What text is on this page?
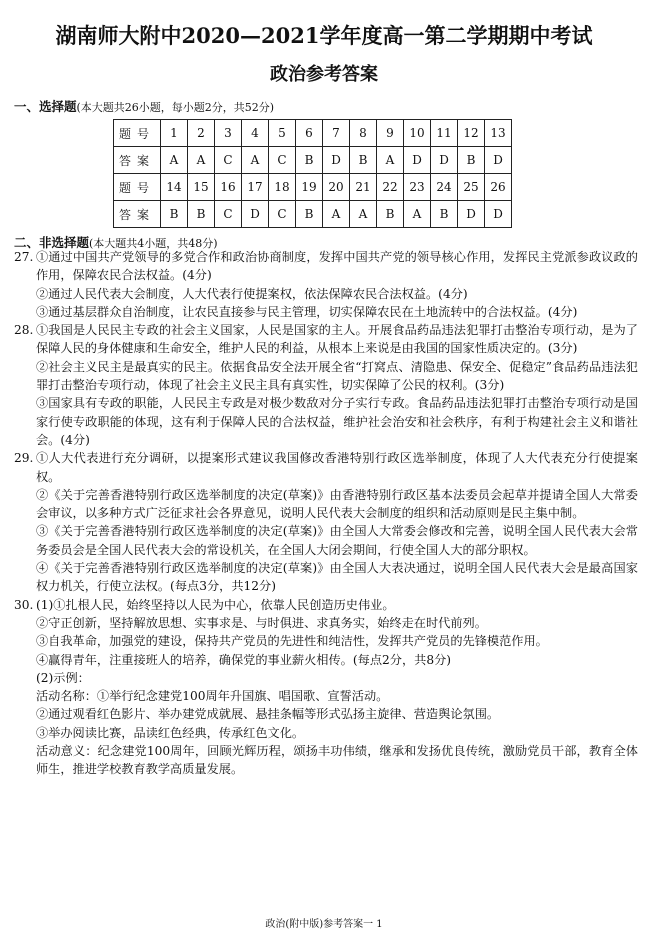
湖南师大附中2020—2021学年度高一第二学期期中考试
政治参考答案
一、选择题(本大题共26小题，每小题2分，共52分)
题号	1	2	3	4	5	6	7	8	9	10	11	12	13
答案	A	A	C	A	C	B	D	B	A	D	D	B	D
题号	14	15	16	17	18	19	20	21	22	23	24	25	26
答案	B	B	C	D	C	B	A	A	B	A	B	D	D
二、非选择题(本大题共4小题，共48分)
27. ①通过中国共产党领导的多党合作和政治协商制度，发挥中国共产党的领导核心作用，发挥民主党派参政议政的作用，保障农民合法权益。(4分)

②通过人民代表大会制度，人大代表行使提案权，依法保障农民合法权益。(4分)

③通过基层群众自治制度，让农民直接参与民主管理，切实保障农民在土地流转中的合法权益。(4分)

28. ①我国是人民民主专政的社会主义国家，人民是国家的主人。开展食品药品违法犯罪打击整治专项行动，是为了保障人民的身体健康和生命安全，维护人民的利益，从根本上来说是由我国的国家性质决定的。(3分)

②社会主义民主是最真实的民主。依据食品安全法开展全省“打窝点、清隐患、保安全、促稳定”食品药品违法犯罪打击整治专项行动，体现了社会主义民主具有真实性，切实保障了公民的权利。(3分)

③国家具有专政的职能，人民民主专政是对极少数敌对分子实行专政。食品药品违法犯罪打击整治专项行动是国家行使专政职能的体现，这有利于保障人民的合法权益，维护社会治安和社会秩序，有利于构建社会主义和谐社会。(4分)

29. ①人大代表进行充分调研，以提案形式建议我国修改香港特别行政区选举制度，体现了人大代表充分行使提案权。

②《关于完善香港特别行政区选举制度的决定(草案)》由香港特别行政区基本法委员会起草并提请全国人大常委会审议，以多种方式广泛征求社会各界意见，说明人民代表大会制度的组织和活动原则是民主集中制。

③《关于完善香港特别行政区选举制度的决定(草案)》由全国人大常委会修改和完善，说明全国人民代表大会常务委员会是全国人民代表大会的常设机关，在全国人大闭会期间，行使全国人大的部分职权。

④《关于完善香港特别行政区选举制度的决定(草案)》由全国人大表决通过，说明全国人民代表大会是最高国家权力机关，行使立法权。(每点3分，共12分)

30. (1)①扎根人民，始终坚持以人民为中心，依靠人民创造历史伟业。

②守正创新，坚持解放思想、实事求是、与时俱进、求真务实，始终走在时代前列。

③自我革命，加强党的建设，保持共产党员的先进性和纯洁性，发挥共产党员的先锋模范作用。

④赢得青年，注重接班人的培养，确保党的事业薪火相传。(每点2分，共8分)

(2)示例：

活动名称：①举行纪念建党100周年升国旗、唱国歌、宣誓活动。

②通过观看红色影片、举办建党成就展、悬挂条幅等形式弘扬主旋律、营造舆论氛围。

③举办阅读比赛，品读红色经典，传承红色文化。

活动意义：纪念建党100周年，回顾光辉历程，颂扬丰功伟绩，继承和发扬优良传统，激励党员干部，教育全体师生，推进学校教育教学高质量发展。

政治(附中版)参考答案一 1
